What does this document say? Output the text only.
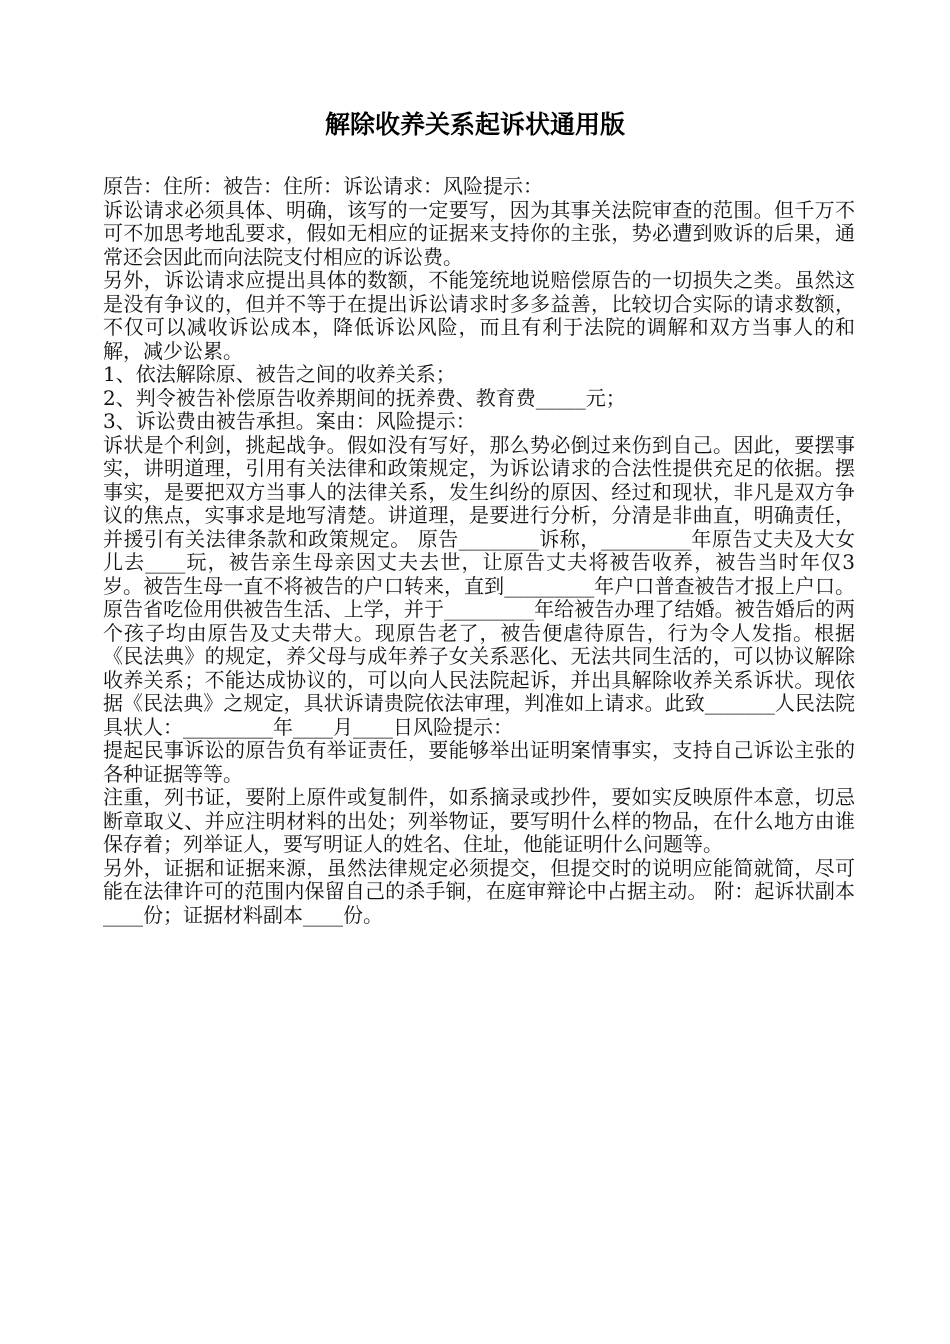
解除收养关系起诉状通用版

原告：住所：被告：住所：诉讼请求：风险提示：

诉讼请求必须具体、明确，该写的一定要写，因为其事关法院审查的范围。但千万不可不加思考地乱要求，假如无相应的证据来支持你的主张，势必遭到败诉的后果，通常还会因此而向法院支付相应的诉讼费。

另外，诉讼请求应提出具体的数额，不能笼统地说赔偿原告的一切损失之类。虽然这是没有争议的，但并不等于在提出诉讼请求时多多益善，比较切合实际的请求数额，不仅可以减收诉讼成本，降低诉讼风险，而且有利于法院的调解和双方当事人的和解，减少讼累。

1、依法解除原、被告之间的收养关系；

2、判令被告补偿原告收养期间的抚养费、教育费_____元；

3、诉讼费由被告承担。案由：风险提示：

诉状是个利剑，挑起战争。假如没有写好，那么势必倒过来伤到自己。因此，要摆事实，讲明道理，引用有关法律和政策规定，为诉讼请求的合法性提供充足的依据。摆事实，是要把双方当事人的法律关系，发生纠纷的原因、经过和现状，非凡是双方争议的焦点，实事求是地写清楚。讲道理，是要进行分析，分清是非曲直，明确责任，并援引有关法律条款和政策规定。 原告________诉称，_________年原告丈夫及大女儿去____玩，被告亲生母亲因丈夫去世，让原告丈夫将被告收养，被告当时年仅3岁。被告生母一直不将被告的户口转来，直到_________年户口普查被告才报上户口。原告省吃俭用供被告生活、上学，并于_________年给被告办理了结婚。被告婚后的两个孩子均由原告及丈夫带大。现原告老了，被告便虐待原告，行为令人发指。根据《民法典》的规定，养父母与成年养子女关系恶化、无法共同生活的，可以协议解除收养关系；不能达成协议的，可以向人民法院起诉，并出具解除收养关系诉状。现依据《民法典》之规定，具状诉请贵院依法审理，判准如上请求。此致_______人民法院具状人：_________年____月____日风险提示：

提起民事诉讼的原告负有举证责任，要能够举出证明案情事实，支持自己诉讼主张的各种证据等等。

注重，列书证，要附上原件或复制件，如系摘录或抄件，要如实反映原件本意，切忌断章取义、并应注明材料的出处；列举物证，要写明什么样的物品，在什么地方由谁保存着；列举证人，要写明证人的姓名、住址，他能证明什么问题等。

另外，证据和证据来源，虽然法律规定必须提交，但提交时的说明应能简就简，尽可能在法律许可的范围内保留自己的杀手锏，在庭审辩论中占据主动。 附：起诉状副本____份；证据材料副本____份。
